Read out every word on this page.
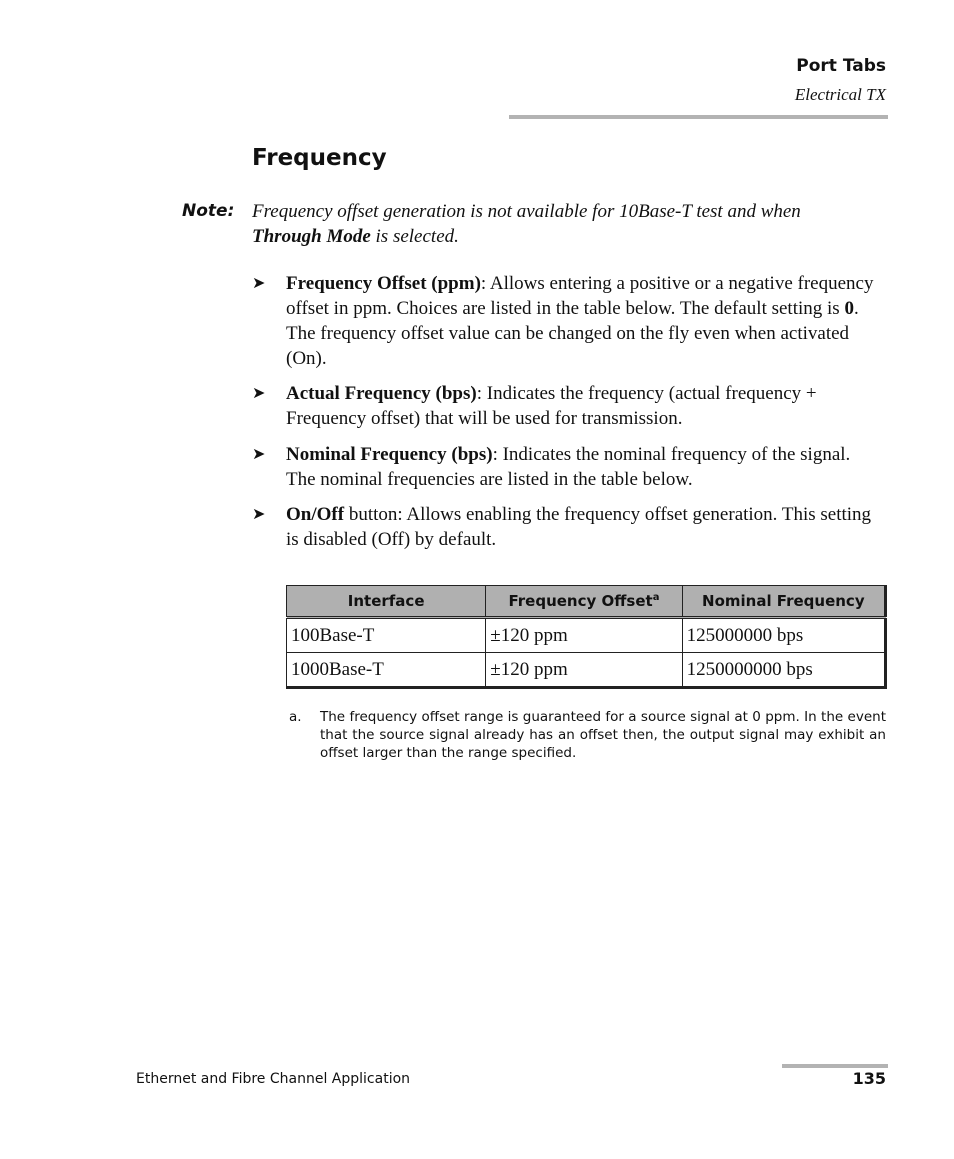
Port Tabs
Electrical TX
Frequency
Note: Frequency offset generation is not available for 10Base-T test and when Through Mode is selected.
➤ Frequency Offset (ppm): Allows entering a positive or a negative frequency offset in ppm. Choices are listed in the table below. The default setting is 0. The frequency offset value can be changed on the fly even when activated (On).
➤ Actual Frequency (bps): Indicates the frequency (actual frequency + Frequency offset) that will be used for transmission.
➤ Nominal Frequency (bps): Indicates the nominal frequency of the signal. The nominal frequencies are listed in the table below.
➤ On/Off button: Allows enabling the frequency offset generation. This setting is disabled (Off) by default.
Interface	Frequency Offset$^a$	Nominal Frequency
100Base-T	±120 ppm	125000000 bps
1000Base-T	±120 ppm	1250000000 bps
a. The frequency offset range is guaranteed for a source signal at 0 ppm. In the event that the source signal already has an offset then, the output signal may exhibit an offset larger than the range specified.
Ethernet and Fibre Channel Application	135
